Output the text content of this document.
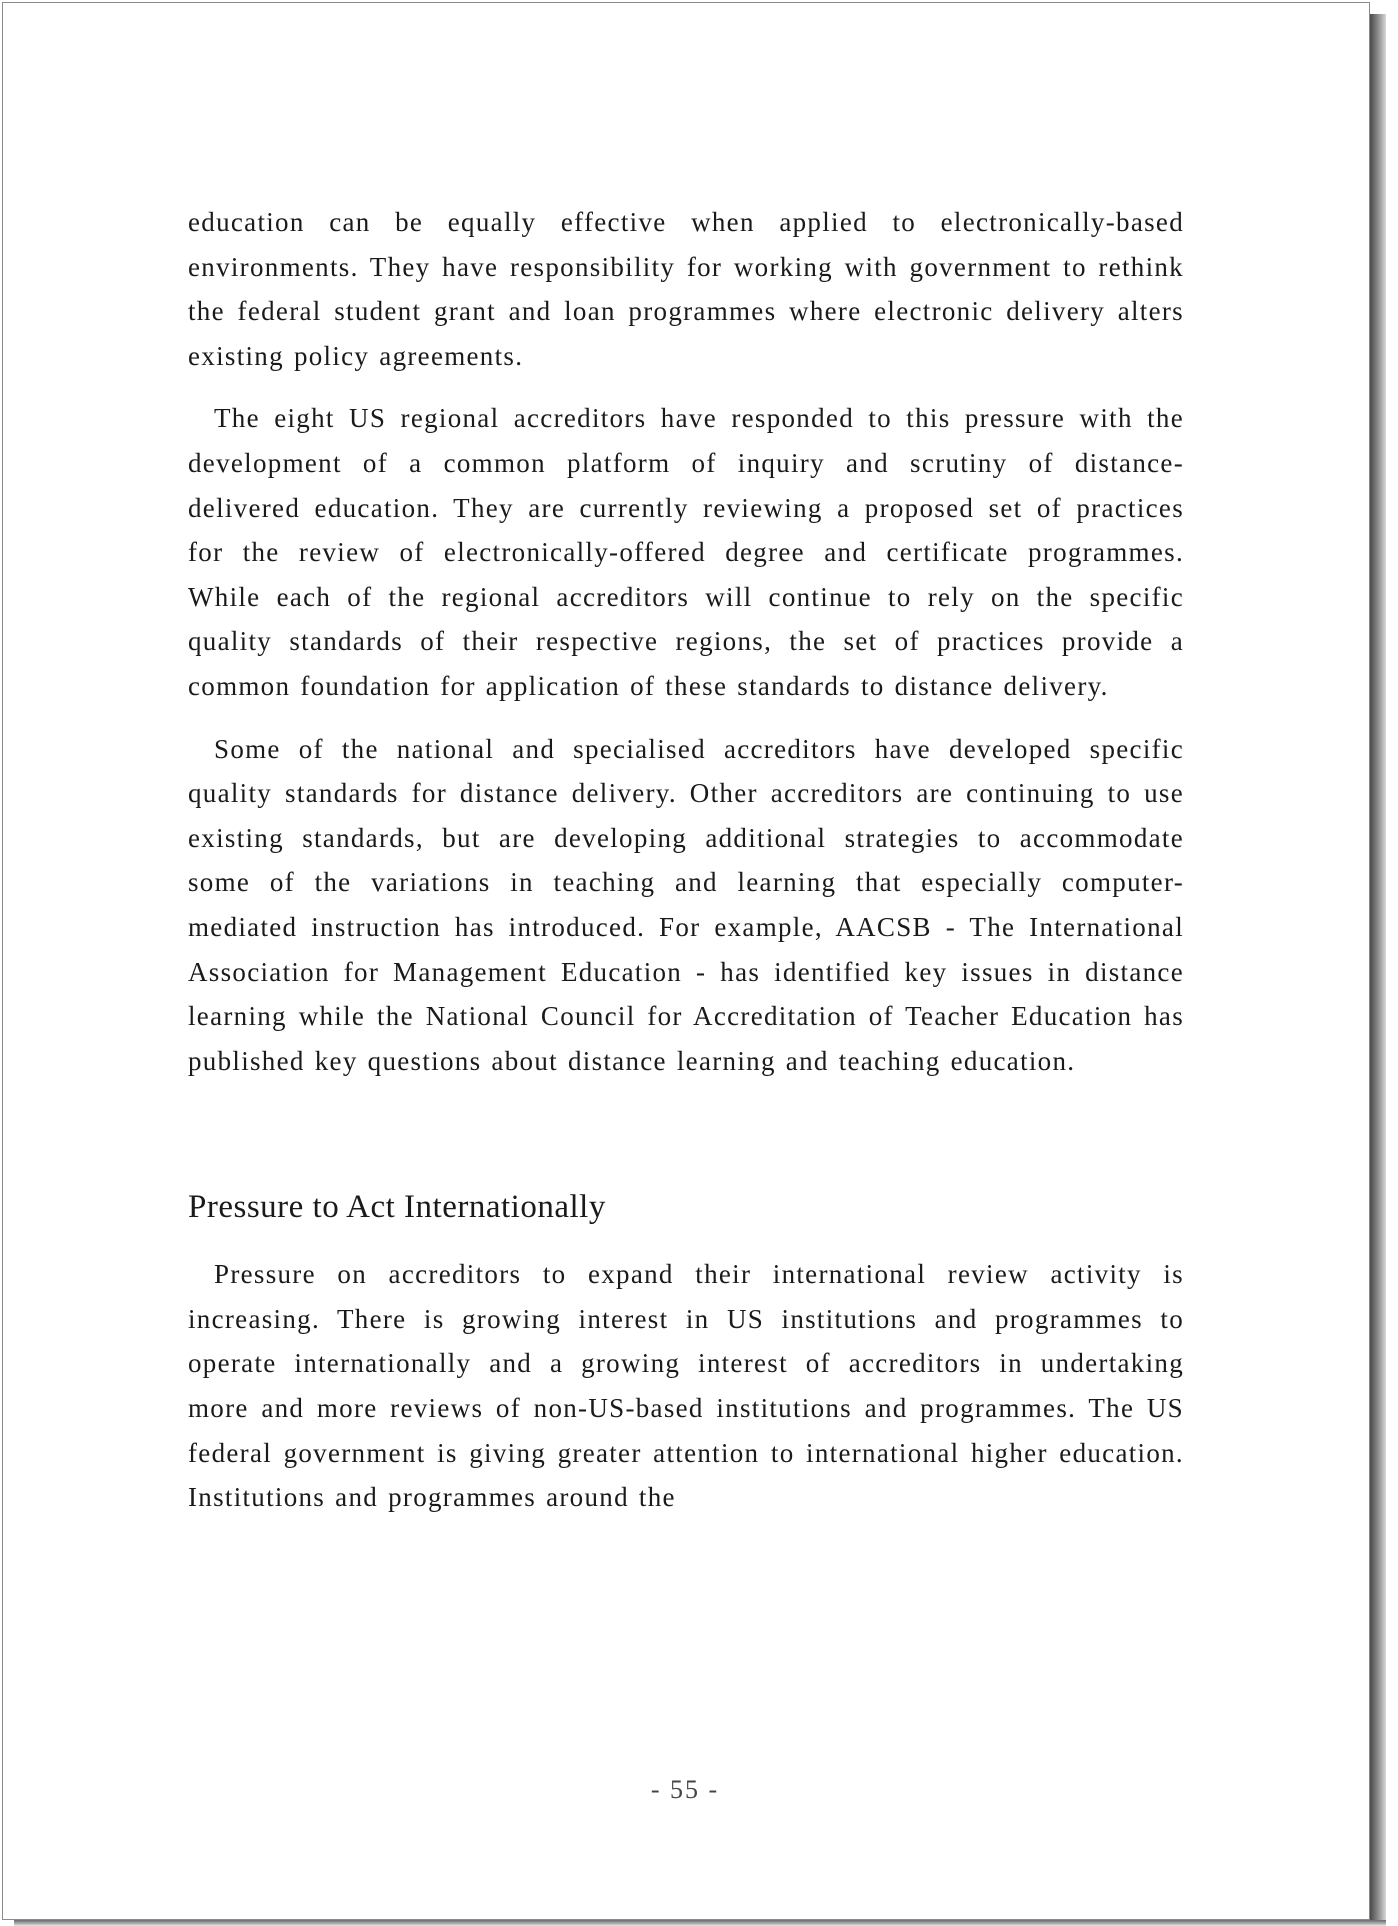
education can be equally effective when applied to electronically-based environments. They have responsibility for working with government to rethink the federal student grant and loan programmes where electronic delivery alters existing policy agreements.

The eight US regional accreditors have responded to this pressure with the development of a common platform of inquiry and scrutiny of distance-delivered education. They are currently reviewing a proposed set of practices for the review of electronically-offered degree and certificate programmes. While each of the regional accreditors will continue to rely on the specific quality standards of their respective regions, the set of practices provide a common foundation for application of these standards to distance delivery.

Some of the national and specialised accreditors have developed specific quality standards for distance delivery. Other accreditors are continuing to use existing standards, but are developing additional strategies to accommodate some of the variations in teaching and learning that especially computer-mediated instruction has introduced. For example, AACSB - The International Association for Management Education - has identified key issues in distance learning while the National Council for Accreditation of Teacher Education has published key questions about distance learning and teaching education.

Pressure to Act Internationally

Pressure on accreditors to expand their international review activity is increasing. There is growing interest in US institutions and programmes to operate internationally and a growing interest of accreditors in undertaking more and more reviews of non-US-based institutions and programmes. The US federal government is giving greater attention to international higher education. Institutions and programmes around the

- 55 -
